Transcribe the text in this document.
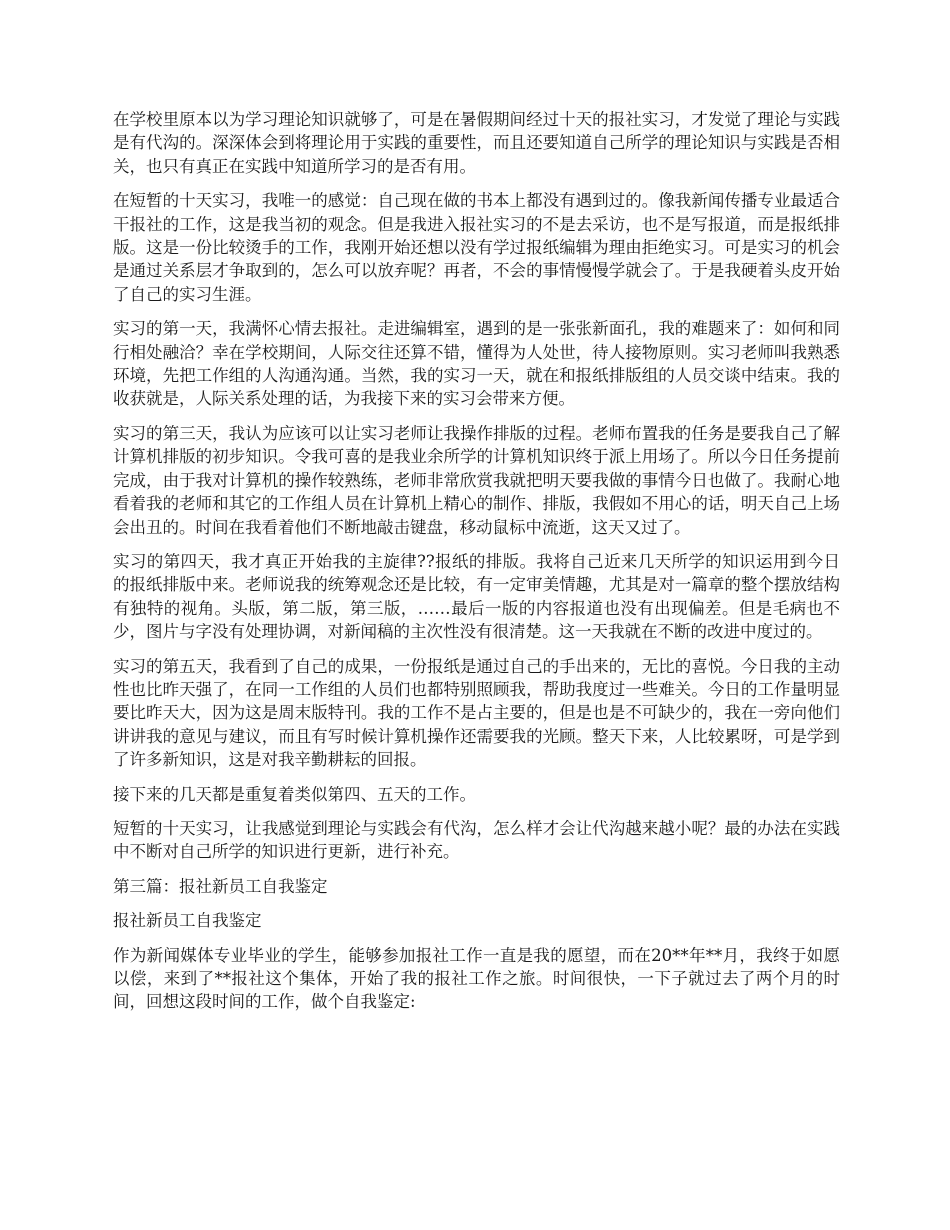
在学校里原本以为学习理论知识就够了，可是在暑假期间经过十天的报社实习，才发觉了理论与实践是有代沟的。深深体会到将理论用于实践的重要性，而且还要知道自己所学的理论知识与实践是否相关，也只有真正在实践中知道所学习的是否有用。

在短暂的十天实习，我唯一的感觉：自己现在做的书本上都没有遇到过的。像我新闻传播专业最适合干报社的工作，这是我当初的观念。但是我进入报社实习的不是去采访，也不是写报道，而是报纸排版。这是一份比较烫手的工作，我刚开始还想以没有学过报纸编辑为理由拒绝实习。可是实习的机会是通过关系层才争取到的，怎么可以放弃呢？再者，不会的事情慢慢学就会了。于是我硬着头皮开始了自己的实习生涯。

实习的第一天，我满怀心情去报社。走进编辑室，遇到的是一张张新面孔，我的难题来了：如何和同行相处融洽？幸在学校期间，人际交往还算不错，懂得为人处世，待人接物原则。实习老师叫我熟悉环境，先把工作组的人沟通沟通。当然，我的实习一天，就在和报纸排版组的人员交谈中结束。我的收获就是，人际关系处理的话，为我接下来的实习会带来方便。

实习的第三天，我认为应该可以让实习老师让我操作排版的过程。老师布置我的任务是要我自己了解计算机排版的初步知识。令我可喜的是我业余所学的计算机知识终于派上用场了。所以今日任务提前完成，由于我对计算机的操作较熟练，老师非常欣赏我就把明天要我做的事情今日也做了。我耐心地看着我的老师和其它的工作组人员在计算机上精心的制作、排版，我假如不用心的话，明天自己上场会出丑的。时间在我看着他们不断地敲击键盘，移动鼠标中流逝，这天又过了。

实习的第四天，我才真正开始我的主旋律??报纸的排版。我将自己近来几天所学的知识运用到今日的报纸排版中来。老师说我的统筹观念还是比较，有一定审美情趣，尤其是对一篇章的整个摆放结构有独特的视角。头版，第二版，第三版，……最后一版的内容报道也没有出现偏差。但是毛病也不少，图片与字没有处理协调，对新闻稿的主次性没有很清楚。这一天我就在不断的改进中度过的。

实习的第五天，我看到了自己的成果，一份报纸是通过自己的手出来的，无比的喜悦。今日我的主动性也比昨天强了，在同一工作组的人员们也都特别照顾我，帮助我度过一些难关。今日的工作量明显要比昨天大，因为这是周末版特刊。我的工作不是占主要的，但是也是不可缺少的，我在一旁向他们讲讲我的意见与建议，而且有写时候计算机操作还需要我的光顾。整天下来，人比较累呀，可是学到了许多新知识，这是对我辛勤耕耘的回报。

接下来的几天都是重复着类似第四、五天的工作。

短暂的十天实习，让我感觉到理论与实践会有代沟，怎么样才会让代沟越来越小呢？最的办法在实践中不断对自己所学的知识进行更新，进行补充。

第三篇：报社新员工自我鉴定

报社新员工自我鉴定

作为新闻媒体专业毕业的学生，能够参加报社工作一直是我的愿望，而在20**年**月，我终于如愿以偿，来到了**报社这个集体，开始了我的报社工作之旅。时间很快，一下子就过去了两个月的时间，回想这段时间的工作，做个自我鉴定:
